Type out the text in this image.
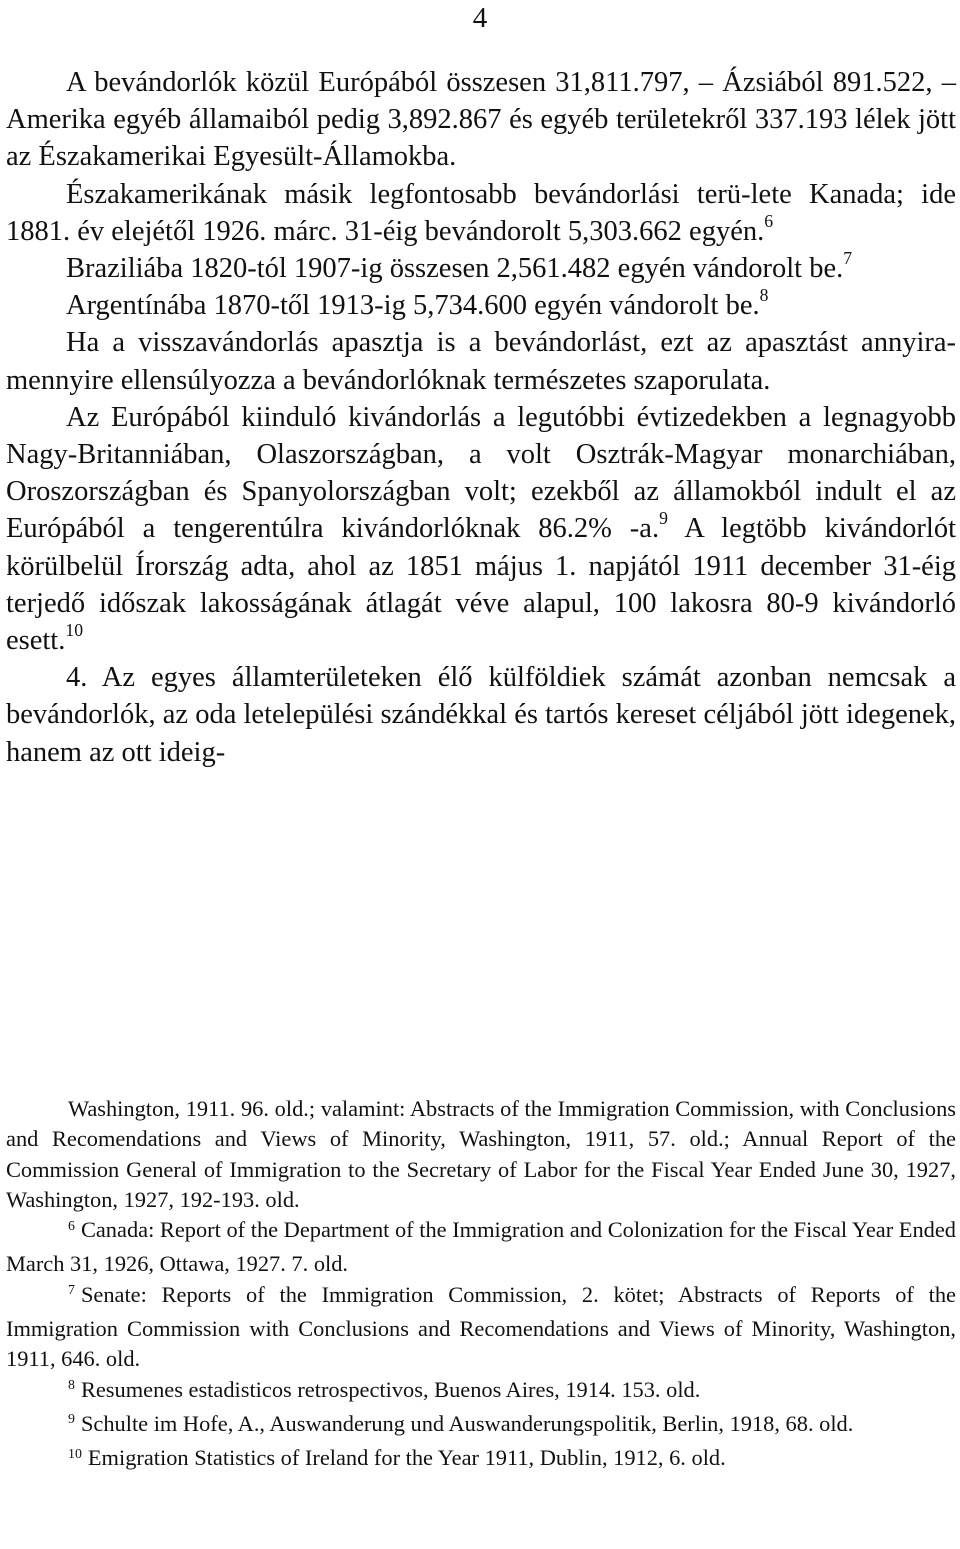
4

A bevándorlók közül Európából összesen 31,811.797, – Ázsiából 891.522, – Amerika egyéb államaiból pedig 3,892.867 és egyéb területekről 337.193 lélek jött az Északamerikai Egyesült-Államokba.

Északamerikának másik legfontosabb bevándorlási terü-lete Kanada; ide 1881. év elejétől 1926. márc. 31-éig bevándorolt 5,303.662 egyén.$^6$

Braziliába 1820-tól 1907-ig összesen 2,561.482 egyén vándorolt be.$^7$

Argentínába 1870-től 1913-ig 5,734.600 egyén vándorolt be.$^8$

Ha a visszavándorlás apasztja is a bevándorlást, ezt az apasztást annyira-mennyire ellensúlyozza a bevándorlóknak természetes szaporulata.

Az Európából kiinduló kivándorlás a legutóbbi évtizedekben a legnagyobb Nagy-Britanniában, Olaszországban, a volt Osztrák-Magyar monarchiában, Oroszországban és Spanyolországban volt; ezekből az államokból indult el az Európából a tengerentúlra kivándorlóknak 86.2% -a.$^9$ A legtöbb kivándorlót körülbelül Írország adta, ahol az 1851 május 1. napjától 1911 december 31-éig terjedő időszak lakosságának átlagát véve alapul, 100 lakosra 80-9 kivándorló esett.$^{10}$

4. Az egyes államterületeken élő külföldiek számát azonban nemcsak a bevándorlók, az oda letelepülési szándékkal és tartós kereset céljából jött idegenek, hanem az ott ideig-

Washington, 1911. 96. old.; valamint: Abstracts of the Immigration Commission, with Conclusions and Recomendations and Views of Minority, Washington, 1911, 57. old.; Annual Report of the Commission General of Immigration to the Secretary of Labor for the Fiscal Year Ended June 30, 1927, Washington, 1927, 192-193. old.

$^6$ Canada: Report of the Department of the Immigration and Colonization for the Fiscal Year Ended March 31, 1926, Ottawa, 1927. 7. old.

$^7$ Senate: Reports of the Immigration Commission, 2. kötet; Abstracts of Reports of the Immigration Commission with Conclusions and Recomendations and Views of Minority, Washington, 1911, 646. old.

$^8$ Resumenes estadisticos retrospectivos, Buenos Aires, 1914. 153. old.

$^9$ Schulte im Hofe, A., Auswanderung und Auswanderungspolitik, Berlin, 1918, 68. old.

$^{10}$ Emigration Statistics of Ireland for the Year 1911, Dublin, 1912, 6. old.
